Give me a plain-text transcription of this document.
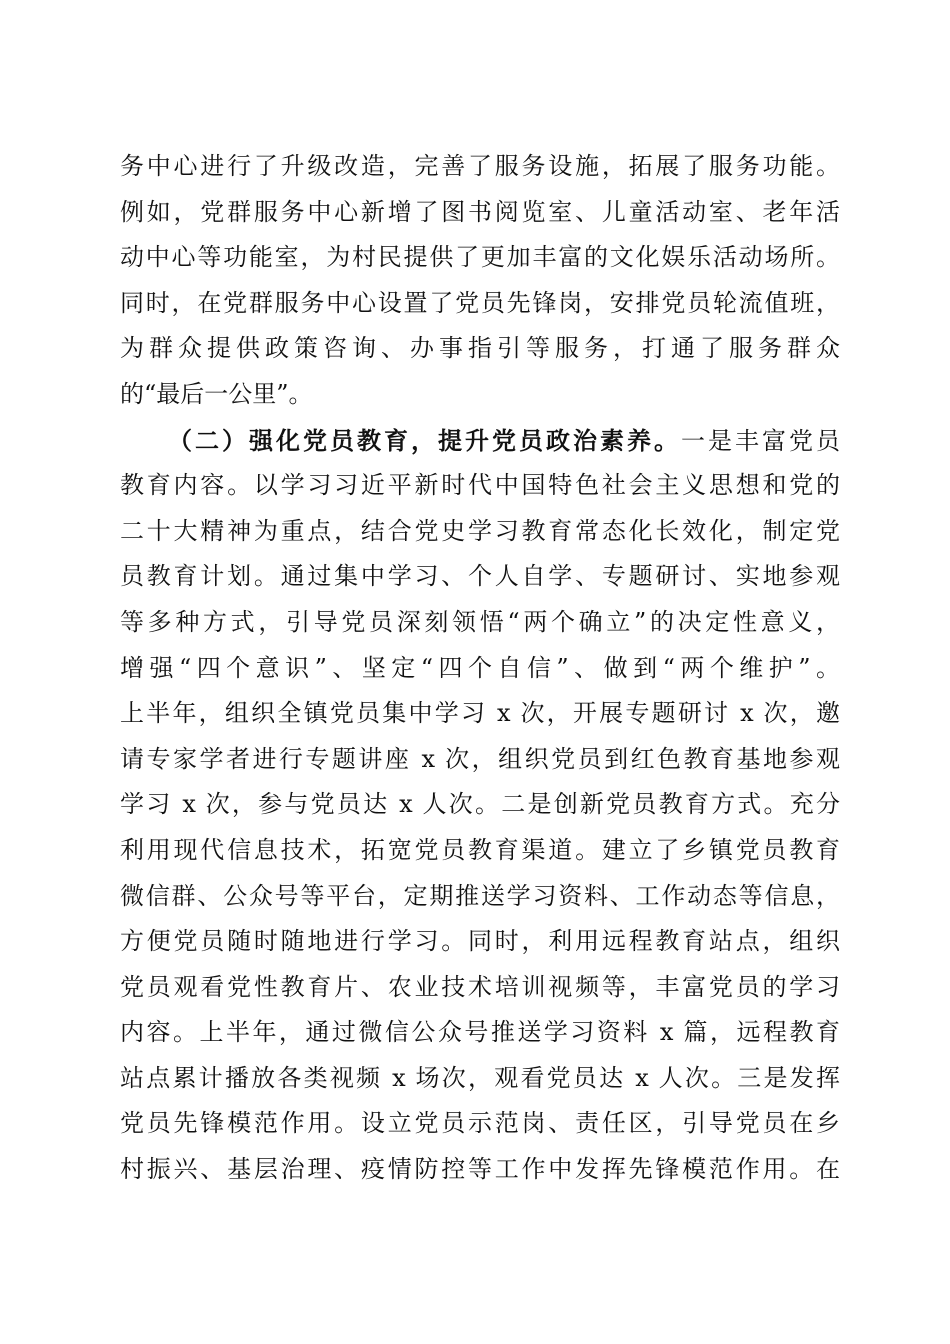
务中心进行了升级改造，完善了服务设施，拓展了服务功能。
例如，党群服务中心新增了图书阅览室、儿童活动室、老年活
动中心等功能室，为村民提供了更加丰富的文化娱乐活动场所。
同时，在党群服务中心设置了党员先锋岗，安排党员轮流值班，
为群众提供政策咨询、办事指引等服务，打通了服务群众
的“最后一公里”。
（二）强化党员教育，提升党员政治素养。一是丰富党员
教育内容。以学习习近平新时代中国特色社会主义思想和党的
二十大精神为重点，结合党史学习教育常态化长效化，制定党
员教育计划。通过集中学习、个人自学、专题研讨、实地参观
等多种方式，引导党员深刻领悟“两个确立”的决定性意义，
增强“四个意识”、坚定“四个自信”、做到“两个维护”。
上半年，组织全镇党员集中学习 x 次，开展专题研讨 x 次，邀
请专家学者进行专题讲座 x 次，组织党员到红色教育基地参观
学习 x 次，参与党员达 x 人次。二是创新党员教育方式。充分
利用现代信息技术，拓宽党员教育渠道。建立了乡镇党员教育
微信群、公众号等平台，定期推送学习资料、工作动态等信息，
方便党员随时随地进行学习。同时，利用远程教育站点，组织
党员观看党性教育片、农业技术培训视频等，丰富党员的学习
内容。上半年，通过微信公众号推送学习资料 x 篇，远程教育
站点累计播放各类视频 x 场次，观看党员达 x 人次。三是发挥
党员先锋模范作用。设立党员示范岗、责任区，引导党员在乡
村振兴、基层治理、疫情防控等工作中发挥先锋模范作用。在
